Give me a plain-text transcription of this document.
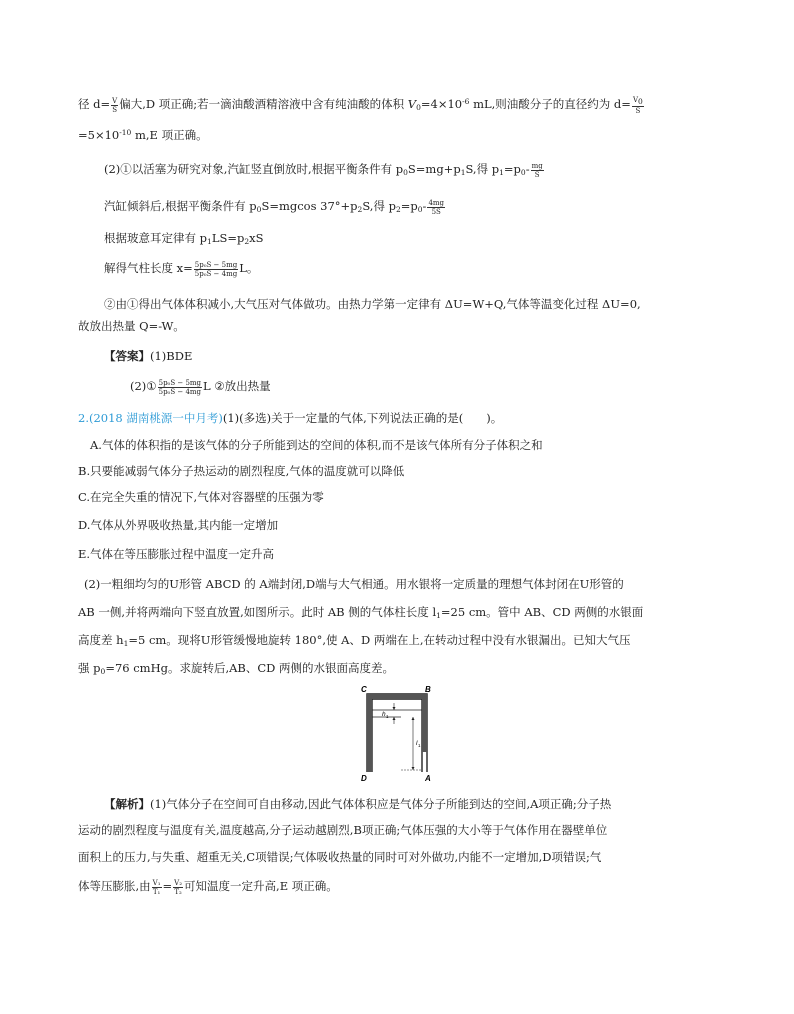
径 $d= \frac{V}{S}$ 偏大,D 项正确;若一滴油酸酒精溶液中含有纯油酸的体积 $V_0=4\times 10^{-6}$ mL,则油酸分子的直径约为 $d= \frac{V_0}{S}$
$=5\times 10^{-10}$ m,E 项正确。
(2)①以活塞为研究对象,汽缸竖直倒放时,根据平衡条件有 $p_0S=mg+p_1S$,得 $p_1=p_0- \frac{mg}{S}$
汽缸倾斜后,根据平衡条件有 $p_0S=mgcos$ $37^\circ+p_2S$,得 $p_2=p_0- \frac{4mg}{5S}$
根据玻意耳定律有 $p_1LS=p_2xS$
解得气柱长度 $x= \frac{\text{5p₀S − 5mg}}{\text{5p₀S − 4mg}}$ L。
②由①得出气体体积减小,大气压对气体做功。由热力学第一定律有 ΔU=W+Q,气体等温变化过程 ΔU=0,
故放出热量 Q=-W。
【答案】(1)BDE
(2)① $\frac{\text{5p₀S − 5mg}}{\text{5p₀S − 4mg}}$ L ②放出热量
2.(2018 湖南桃源一中月考)(1)(多选)关于一定量的气体,下列说法正确的是(　　)。
A.气体的体积指的是该气体的分子所能到达的空间的体积,而不是该气体所有分子体积之和
B.只要能减弱气体分子热运动的剧烈程度,气体的温度就可以降低
C.在完全失重的情况下,气体对容器壁的压强为零
D.气体从外界吸收热量,其内能一定增加
E.气体在等压膨胀过程中温度一定升高
(2)一粗细均匀的U形管 ABCD 的 A端封闭,D端与大气相通。用水银将一定质量的理想气体封闭在U形管的
AB 一侧,并将两端向下竖直放置,如图所示。此时 AB 侧的气体柱长度 $l_1=25$ cm。管中 AB、CD 两侧的水银面
高度差 $h_1=5$ cm。现将U形管缓慢地旋转 180°,使 A、D 两端在上,在转动过程中没有水银漏出。已知大气压
强 $p_0=76$ cmHg。求旋转后,AB、CD 两侧的水银面高度差。
C	B
D	A
h 1
l 1
【解析】(1)气体分子在空间可自由移动,因此气体体积应是气体分子所能到达的空间,A项正确;分子热
运动的剧烈程度与温度有关,温度越高,分子运动越剧烈,B项正确;气体压强的大小等于气体作用在器壁单位
面积上的压力,与失重、超重无关,C项错误;气体吸收热量的同时可对外做功,内能不一定增加,D项错误;气
体等压膨胀,由 $\frac{\text{V₁}}{\text{T₁}} = \frac{\text{V₂}}{\text{T₂}}$ 可知温度一定升高,E 项正确。
